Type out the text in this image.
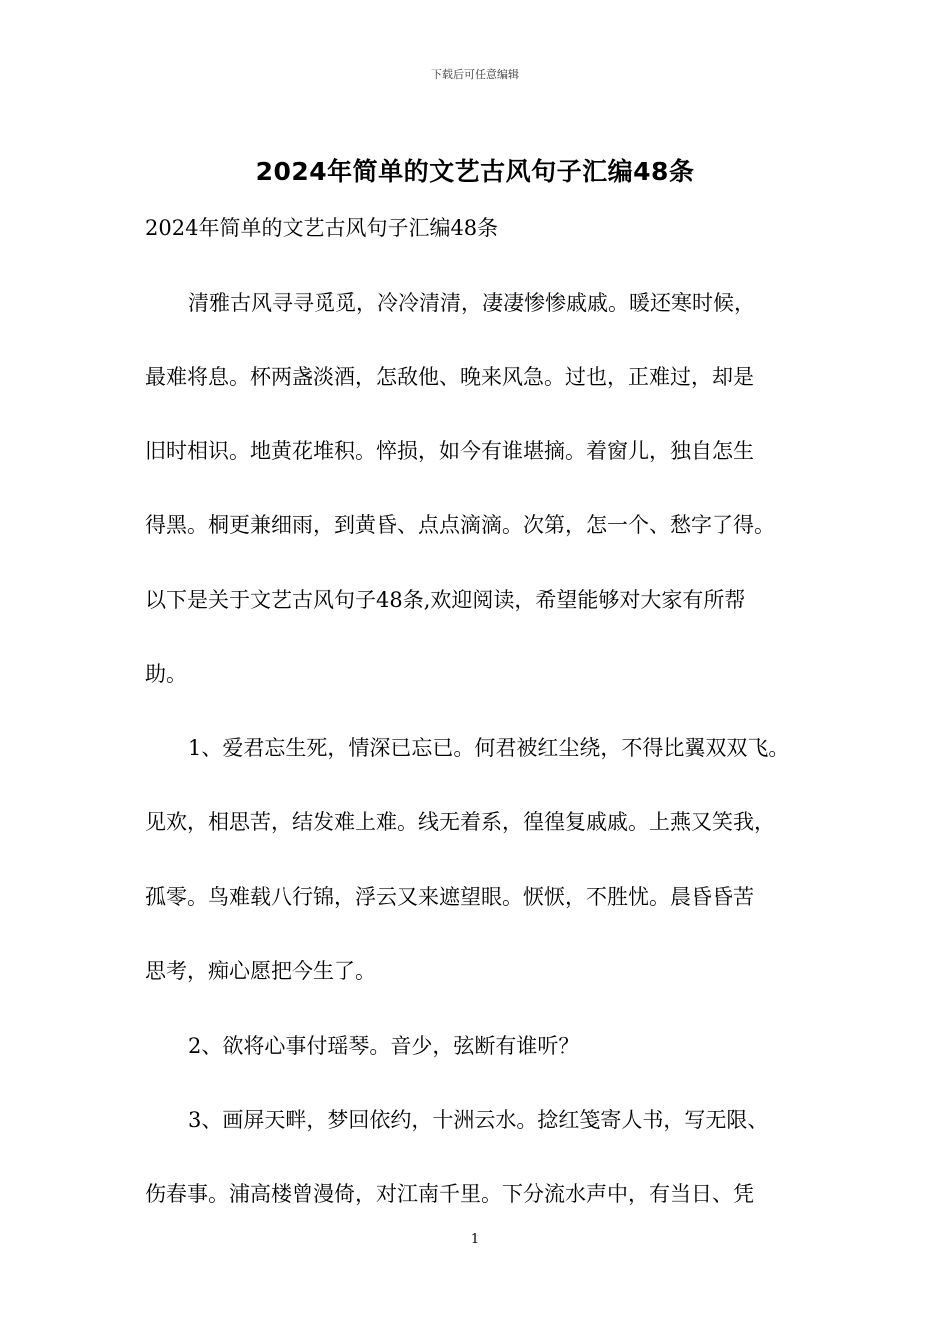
下载后可任意编辑
2024年简单的文艺古风句子汇编48条
2024年简单的文艺古风句子汇编48条
清雅古风寻寻觅觅，冷冷清清，凄凄惨惨戚戚。暖还寒时候，
最难将息。杯两盏淡酒，怎敌他、晚来风急。过也，正难过，却是
旧时相识。地黄花堆积。悴损，如今有谁堪摘。着窗儿，独自怎生
得黑。桐更兼细雨，到黄昏、点点滴滴。次第，怎一个、愁字了得。
以下是关于文艺古风句子48条,欢迎阅读，希望能够对大家有所帮
助。
1、爱君忘生死，情深已忘已。何君被红尘绕，不得比翼双双飞。
见欢，相思苦，结发难上难。线无着系，徨徨复戚戚。上燕又笑我，
孤零。鸟难载八行锦，浮云又来遮望眼。恹恹，不胜忧。晨昏昏苦
思考，痴心愿把今生了。
2、欲将心事付瑶琴。音少，弦断有谁听？
3、画屏天畔，梦回依约，十洲云水。捻红笺寄人书，写无限、
伤春事。浦高楼曾漫倚，对江南千里。下分流水声中，有当日、凭
1
